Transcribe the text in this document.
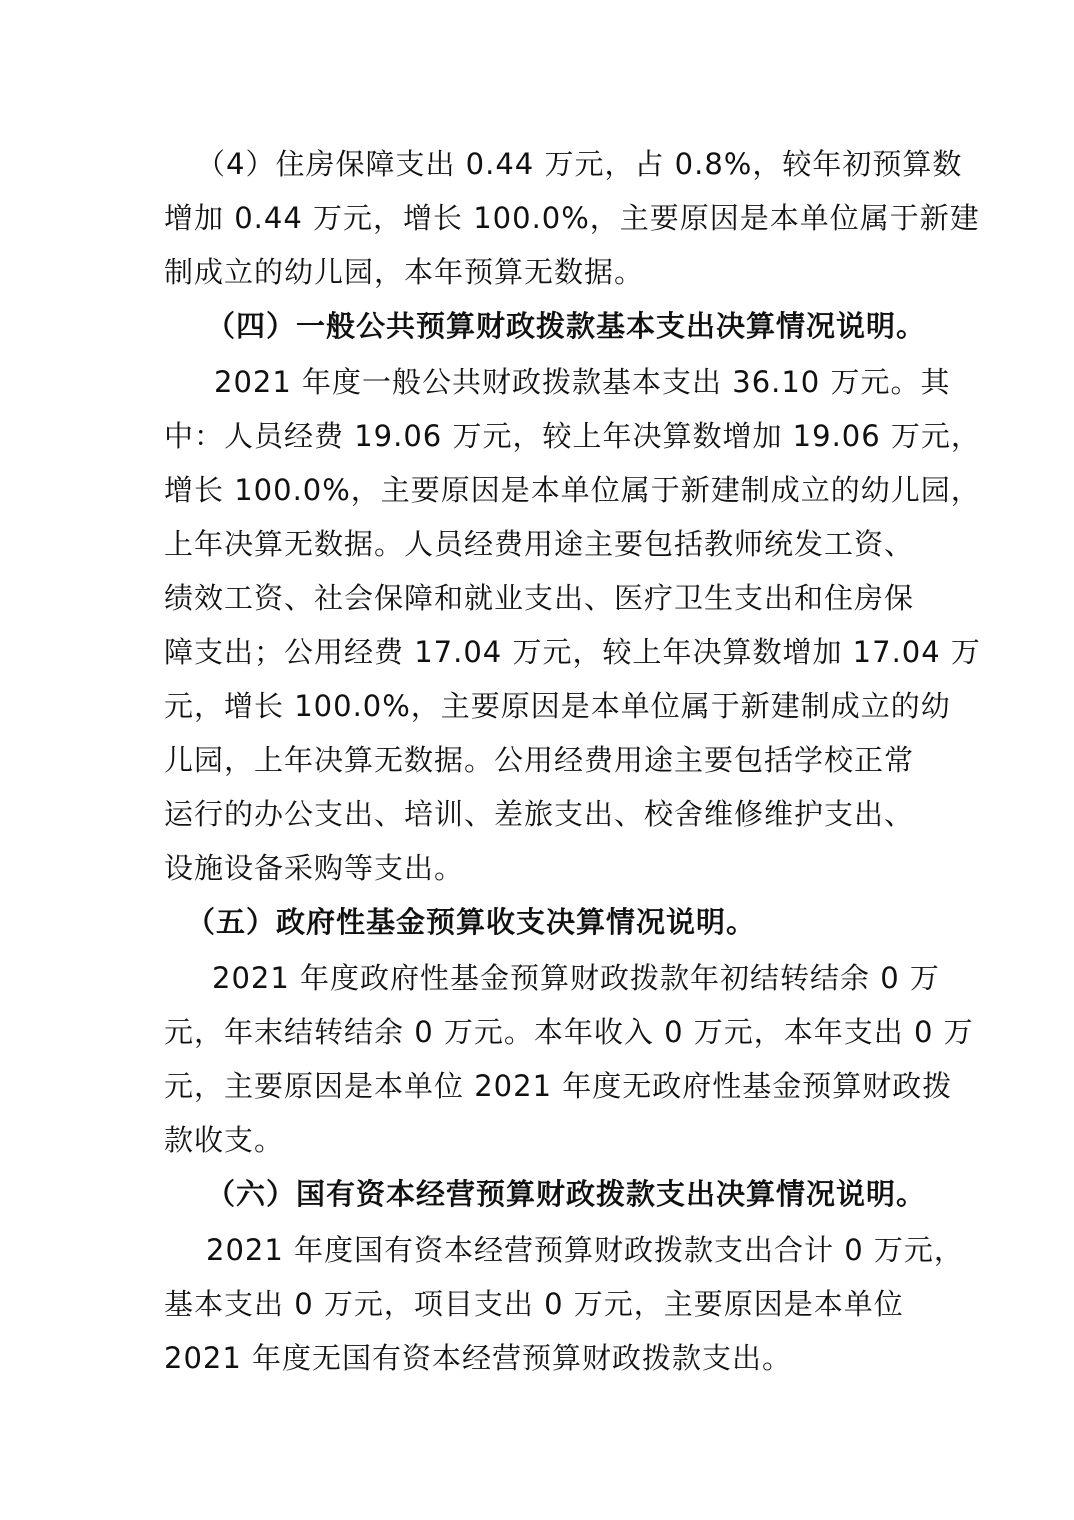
（4）住房保障支出 0.44 万元，占 0.8%，较年初预算数
增加 0.44 万元，增长 100.0%，主要原因是本单位属于新建
制成立的幼儿园，本年预算无数据。
（四）一般公共预算财政拨款基本支出决算情况说明。
2021 年度一般公共财政拨款基本支出 36.10 万元。其
中：人员经费 19.06 万元，较上年决算数增加 19.06 万元，
增长 100.0%，主要原因是本单位属于新建制成立的幼儿园，
上年决算无数据。人员经费用途主要包括教师统发工资、
绩效工资、社会保障和就业支出、医疗卫生支出和住房保
障支出；公用经费 17.04 万元，较上年决算数增加 17.04 万
元，增长 100.0%，主要原因是本单位属于新建制成立的幼
儿园，上年决算无数据。公用经费用途主要包括学校正常
运行的办公支出、培训、差旅支出、校舍维修维护支出、
设施设备采购等支出。
（五）政府性基金预算收支决算情况说明。
2021 年度政府性基金预算财政拨款年初结转结余 0 万
元，年末结转结余 0 万元。本年收入 0 万元，本年支出 0 万
元，主要原因是本单位 2021 年度无政府性基金预算财政拨
款收支。
（六）国有资本经营预算财政拨款支出决算情况说明。
2021 年度国有资本经营预算财政拨款支出合计 0 万元，
基本支出 0 万元，项目支出 0 万元，主要原因是本单位
2021 年度无国有资本经营预算财政拨款支出。
